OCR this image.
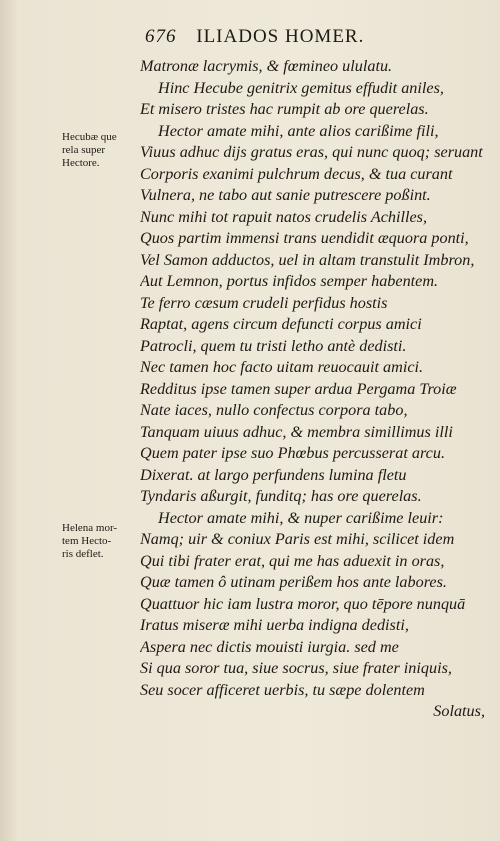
676 ILIADOS HOMER.
Hecubæ que
rela super
Hectore.
Helena mor-
tem Hecto-
ris deflet.
Matronæ lacrymis, & fœmineo ululatu.
Hinc Hecube genitrix gemitus effudit aniles,
Et misero tristes hac rumpit ab ore querelas.
Hector amate mihi, ante alios carißime fili,
Viuus adhuc dijs gratus eras, qui nunc quoq; seruant
Corporis exanimi pulchrum decus, & tua curant
Vulnera, ne tabo aut sanie putrescere poßint.
Nunc mihi tot rapuit natos crudelis Achilles,
Quos partim immensi trans uendidit æquora ponti,
Vel Samon adductos, uel in altam transtulit Imbron,
Aut Lemnon, portus infidos semper habentem.
Te ferro cæsum crudeli perfidus hostis
Raptat, agens circum defuncti corpus amici
Patrocli, quem tu tristi letho antè dedisti.
Nec tamen hoc facto uitam reuocauit amici.
Redditus ipse tamen super ardua Pergama Troiæ
Nate iaces, nullo confectus corpora tabo,
Tanquam uiuus adhuc, & membra simillimus illi
Quem pater ipse suo Phœbus percusserat arcu.
Dixerat. at largo perfundens lumina fletu
Tyndaris aßurgit, funditq; has ore querelas.
Hector amate mihi, & nuper carißime leuir:
Namq; uir & coniux Paris est mihi, scilicet idem
Qui tibi frater erat, qui me has aduexit in oras,
Quæ tamen ô utinam perißem hos ante labores.
Quattuor hic iam lustra moror, quo tēpore nunquā
Iratus miseræ mihi uerba indigna dedisti,
Aspera nec dictis mouisti iurgia. sed me
Si qua soror tua, siue socrus, siue frater iniquis,
Seu socer afficeret uerbis, tu sæpe dolentem
Solatus,
